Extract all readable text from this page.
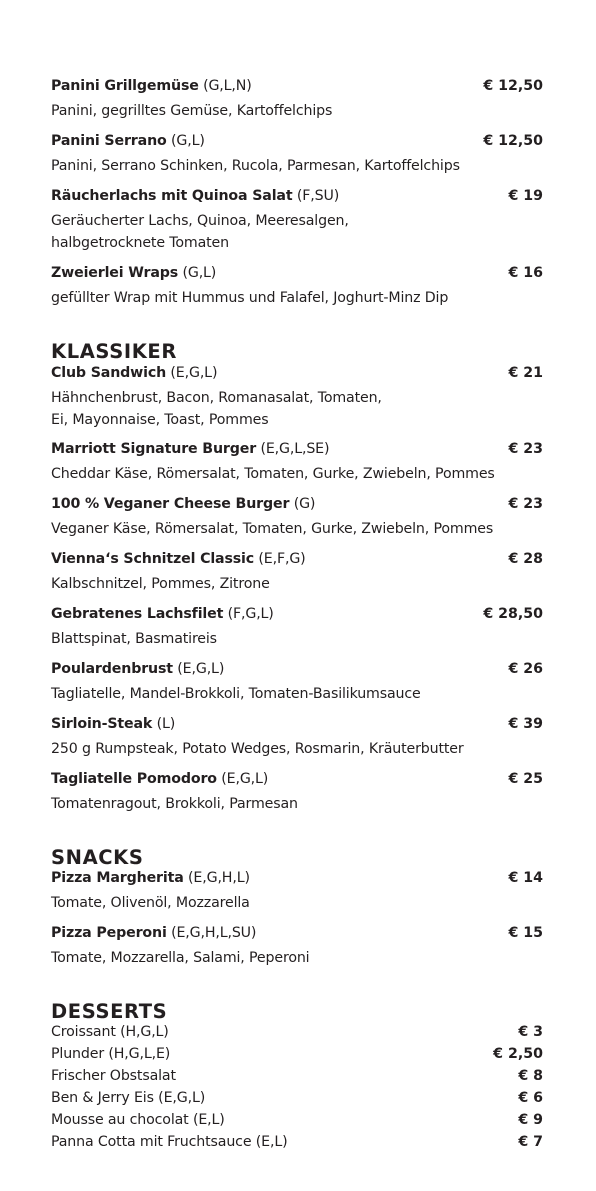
Panini Grillgemüse (G,L,N)	€ 12,50
Panini, gegrilltes Gemüse, Kartoffelchips
Panini Serrano (G,L)	€ 12,50
Panini, Serrano Schinken, Rucola, Parmesan, Kartoffelchips
Räucherlachs mit Quinoa Salat (F,SU)	€ 19
Geräucherter Lachs, Quinoa, Meeresalgen,
halbgetrocknete Tomaten
Zweierlei Wraps (G,L)	€ 16
gefüllter Wrap mit Hummus und Falafel, Joghurt-Minz Dip
KLASSIKER
Club Sandwich (E,G,L)	€ 21
Hähnchenbrust, Bacon, Romanasalat, Tomaten,
Ei, Mayonnaise, Toast, Pommes
Marriott Signature Burger (E,G,L,SE)	€ 23
Cheddar Käse, Römersalat, Tomaten, Gurke, Zwiebeln, Pommes
100 % Veganer Cheese Burger (G)	€ 23
Veganer Käse, Römersalat, Tomaten, Gurke, Zwiebeln, Pommes
Vienna‘s Schnitzel Classic (E,F,G)	€ 28
Kalbschnitzel, Pommes, Zitrone
Gebratenes Lachsfilet (F,G,L)	€ 28,50
Blattspinat, Basmatireis
Poulardenbrust (E,G,L)	€ 26
Tagliatelle, Mandel-Brokkoli, Tomaten-Basilikumsauce
Sirloin-Steak (L)	€ 39
250 g Rumpsteak, Potato Wedges, Rosmarin, Kräuterbutter
Tagliatelle Pomodoro (E,G,L)	€ 25
Tomatenragout, Brokkoli, Parmesan
SNACKS
Pizza Margherita (E,G,H,L)	€ 14
Tomate, Olivenöl, Mozzarella
Pizza Peperoni (E,G,H,L,SU)	€ 15
Tomate, Mozzarella, Salami, Peperoni
DESSERTS
Croissant (H,G,L)	€ 3
Plunder (H,G,L,E)	€ 2,50
Frischer Obstsalat	€ 8
Ben & Jerry Eis (E,G,L)	€ 6
Mousse au chocolat (E,L)	€ 9
Panna Cotta mit Fruchtsauce (E,L)	€ 7
